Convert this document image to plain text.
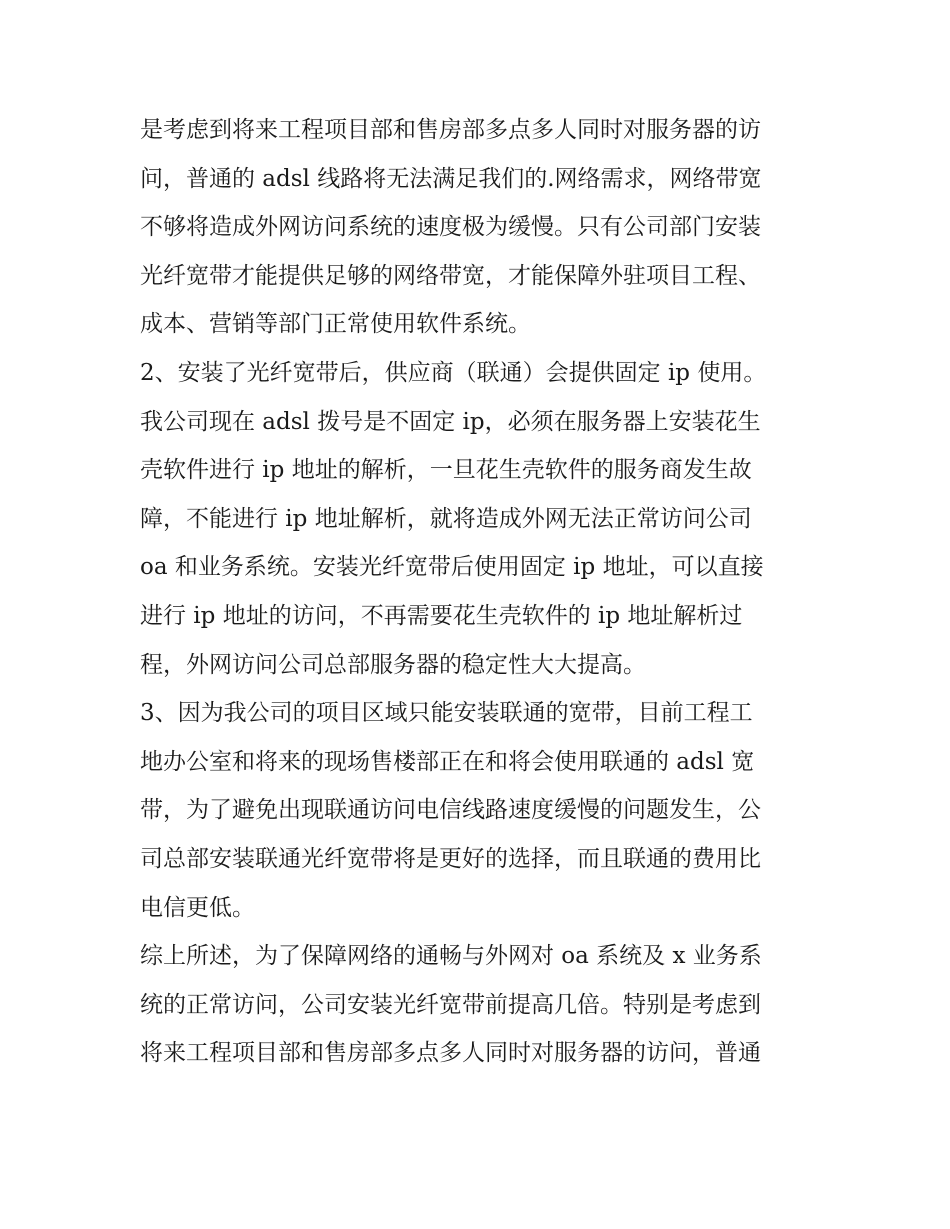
是考虑到将来工程项目部和售房部多点多人同时对服务器的访
问，普通的 adsl 线路将无法满足我们的.网络需求，网络带宽
不够将造成外网访问系统的速度极为缓慢。只有公司部门安装
光纤宽带才能提供足够的网络带宽，才能保障外驻项目工程、
成本、营销等部门正常使用软件系统。
2、安装了光纤宽带后，供应商（联通）会提供固定 ip 使用。
我公司现在 adsl 拨号是不固定 ip，必须在服务器上安装花生
壳软件进行 ip 地址的解析，一旦花生壳软件的服务商发生故
障，不能进行 ip 地址解析，就将造成外网无法正常访问公司
oa 和业务系统。安装光纤宽带后使用固定 ip 地址，可以直接
进行 ip 地址的访问，不再需要花生壳软件的 ip 地址解析过
程，外网访问公司总部服务器的稳定性大大提高。
3、因为我公司的项目区域只能安装联通的宽带，目前工程工
地办公室和将来的现场售楼部正在和将会使用联通的 adsl 宽
带，为了避免出现联通访问电信线路速度缓慢的问题发生，公
司总部安装联通光纤宽带将是更好的选择，而且联通的费用比
电信更低。
综上所述，为了保障网络的通畅与外网对 oa 系统及 x 业务系
统的正常访问，公司安装光纤宽带前提高几倍。特别是考虑到
将来工程项目部和售房部多点多人同时对服务器的访问，普通
